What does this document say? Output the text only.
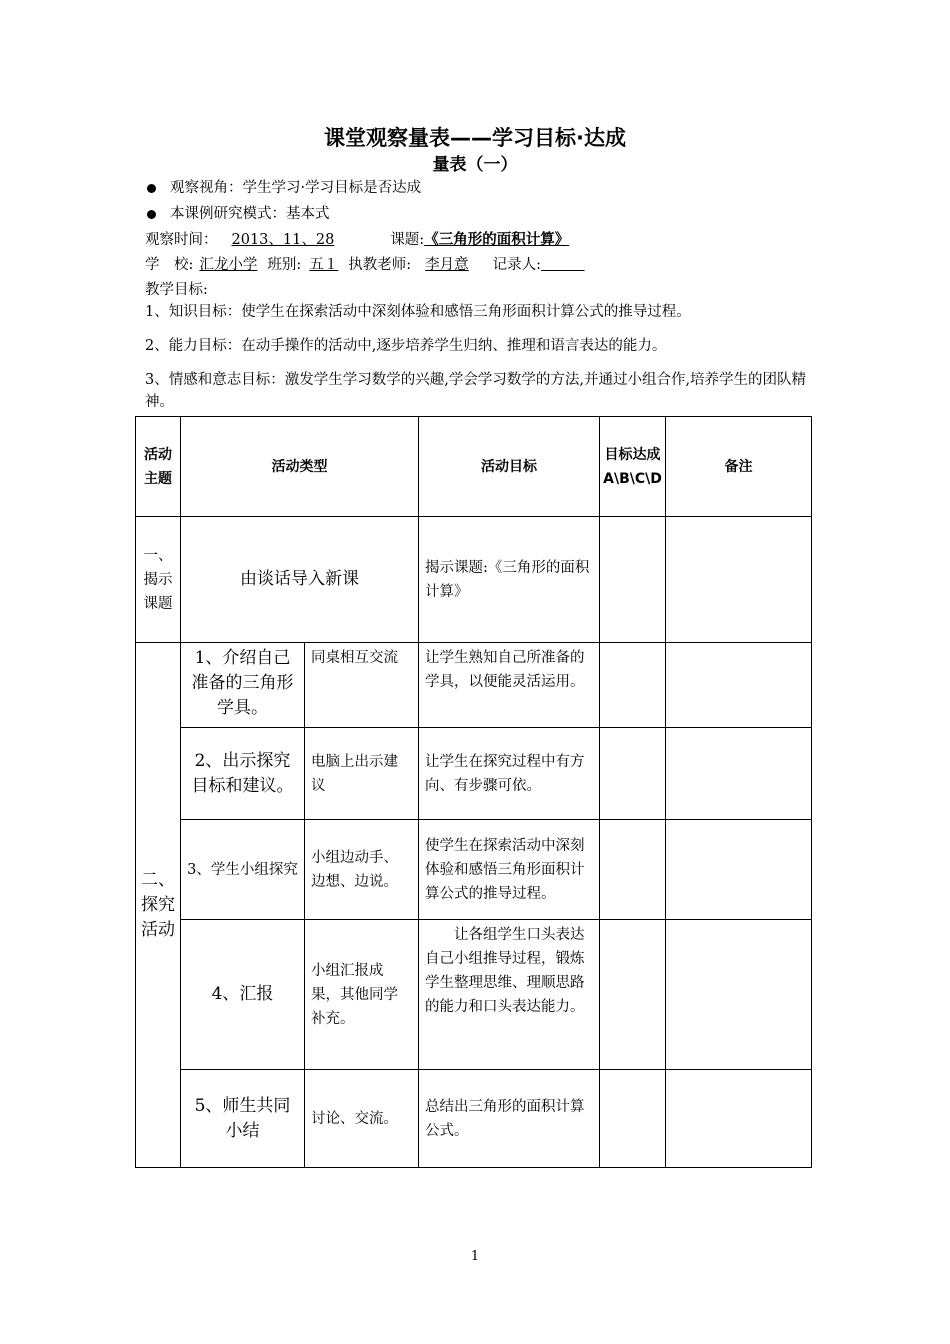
课堂观察量表——学习目标·达成
量表（一）
观察视角：学生学习·学习目标是否达成
本课例研究模式：基本式
观察时间： 2013、11、28	课题:《三角形的面积计算》
学　校: 汇龙小学 班别: 五１ 执教老师: 李月意 记录人:　　　
教学目标:
1、知识目标：使学生在探索活动中深刻体验和感悟三角形面积计算公式的推导过程。
2、能力目标：在动手操作的活动中,逐步培养学生归纳、推理和语言表达的能力。
3、情感和意志目标：激发学生学习数学的兴趣,学会学习数学的方法,并通过小组合作,培养学生的团队精神。
活动主题	活动类型		活动目标	目标达成A\B\C\D	备注
一、揭示课题	由谈话导入新课		揭示课题:《三角形的面积计算》		
二、探究活动	1、介绍自己准备的三角形学具。	同桌相互交流	让学生熟知自己所准备的学具，以便能灵活运用。		
	2、出示探究目标和建议。	电脑上出示建议	让学生在探究过程中有方向、有步骤可依。		
	3、学生小组探究	小组边动手、边想、边说。	使学生在探索活动中深刻体验和感悟三角形面积计算公式的推导过程。		
	4、汇报	小组汇报成果，其他同学补充。	　　让各组学生口头表达自己小组推导过程，锻炼学生整理思维、理顺思路的能力和口头表达能力。		
	5、师生共同小结	讨论、交流。	总结出三角形的面积计算公式。		
1
